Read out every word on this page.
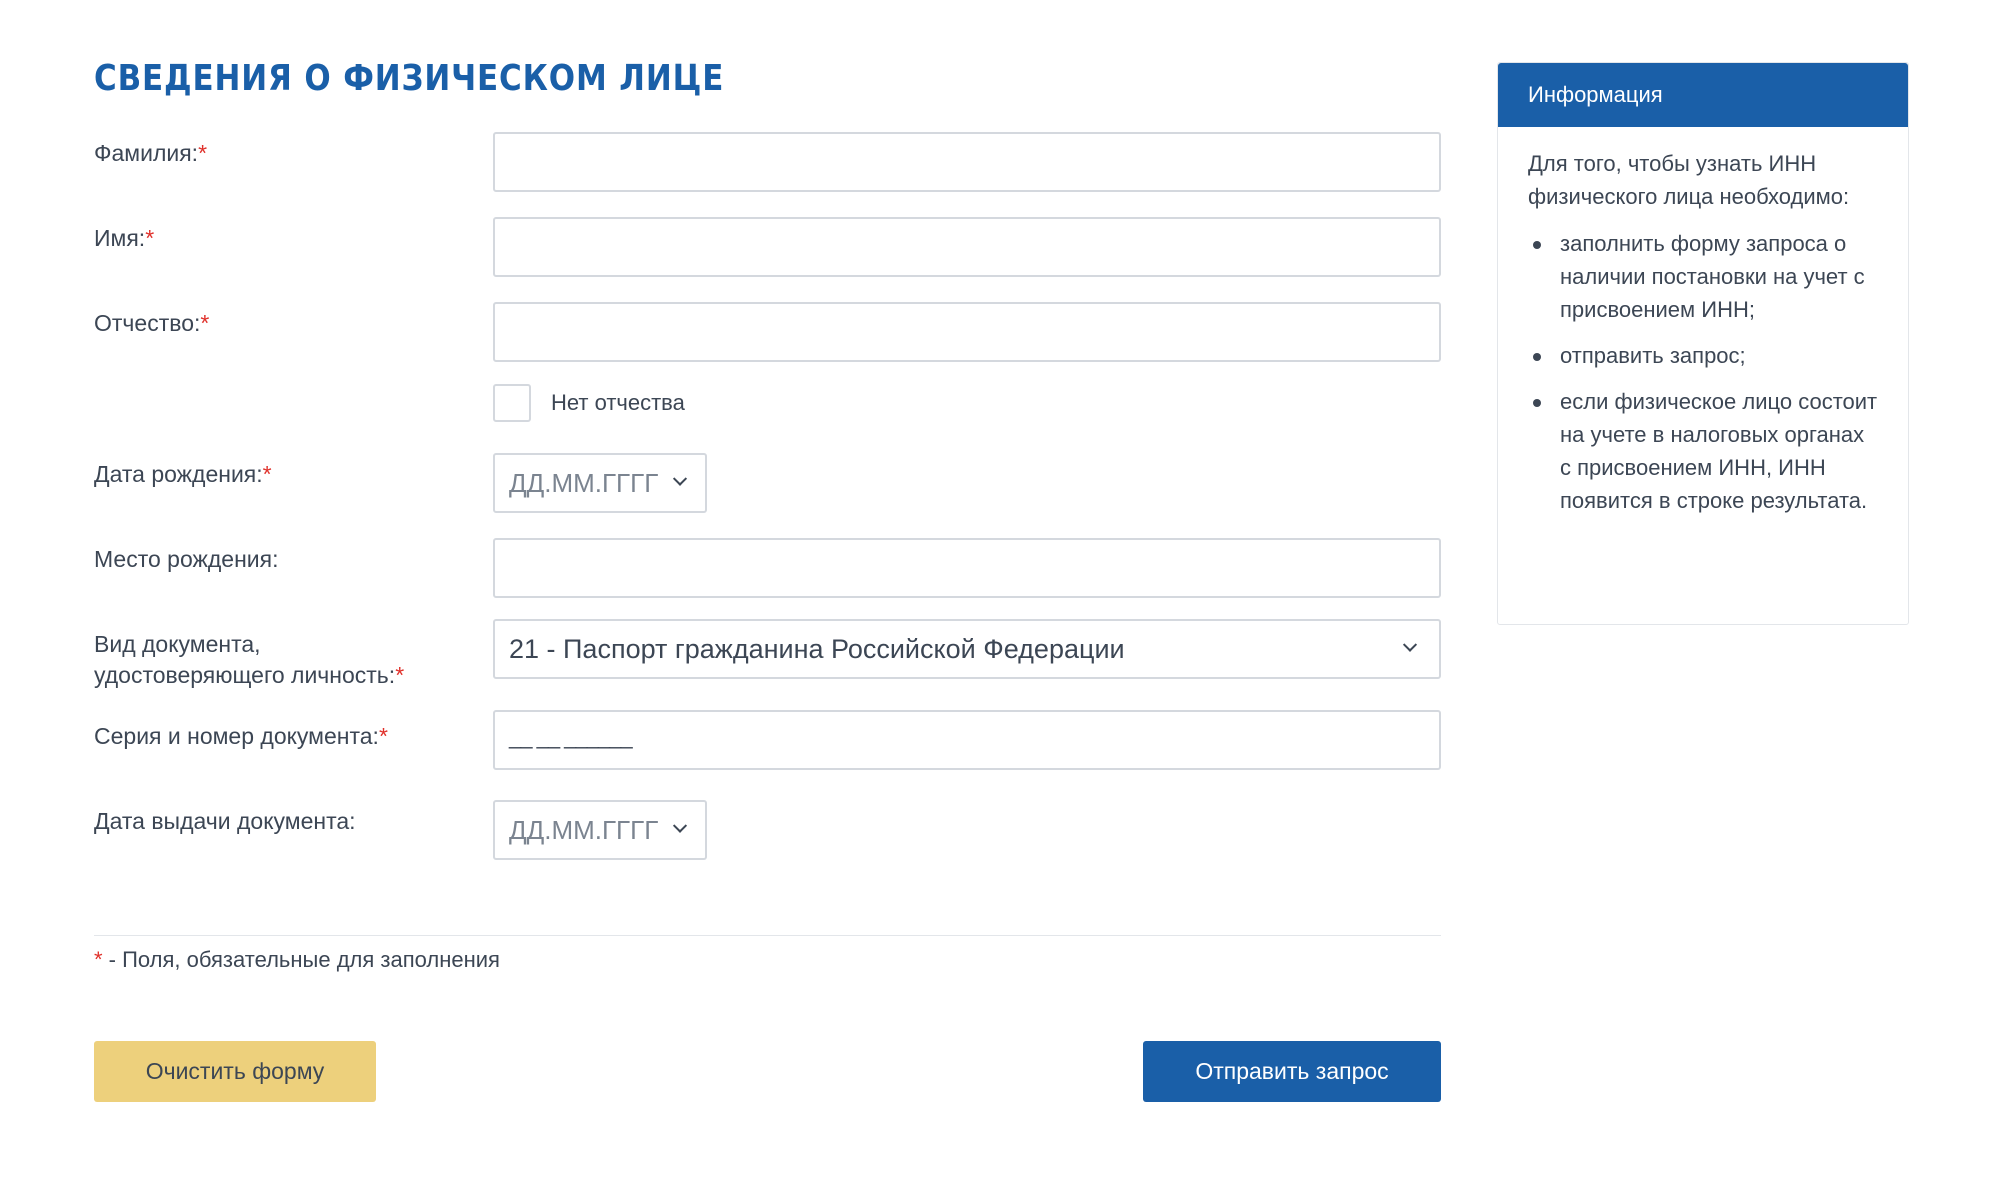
СВЕДЕНИЯ О ФИЗИЧЕСКОМ ЛИЦЕ
Фамилия:*
Имя:*
Отчество:*
Нет отчества
Дата рождения:*	ДД.ММ.ГГГГ
Место рождения:
Вид документа,
удостоверяющего личность:*
21 - Паспорт гражданина Российской Федерации
Серия и номер документа:*	__ __ ______
Дата выдачи документа:	ДД.ММ.ГГГГ
* - Поля, обязательные для заполнения
Очистить форму	Отправить запрос
Информация

Для того, чтобы узнать ИНН физического лица необходимо:

заполнить форму запроса о наличии постановки на учет с присвоением ИНН;
отправить запрос;
если физическое лицо состоит на учете в налоговых органах с присвоением ИНН, ИНН появится в строке результата.
